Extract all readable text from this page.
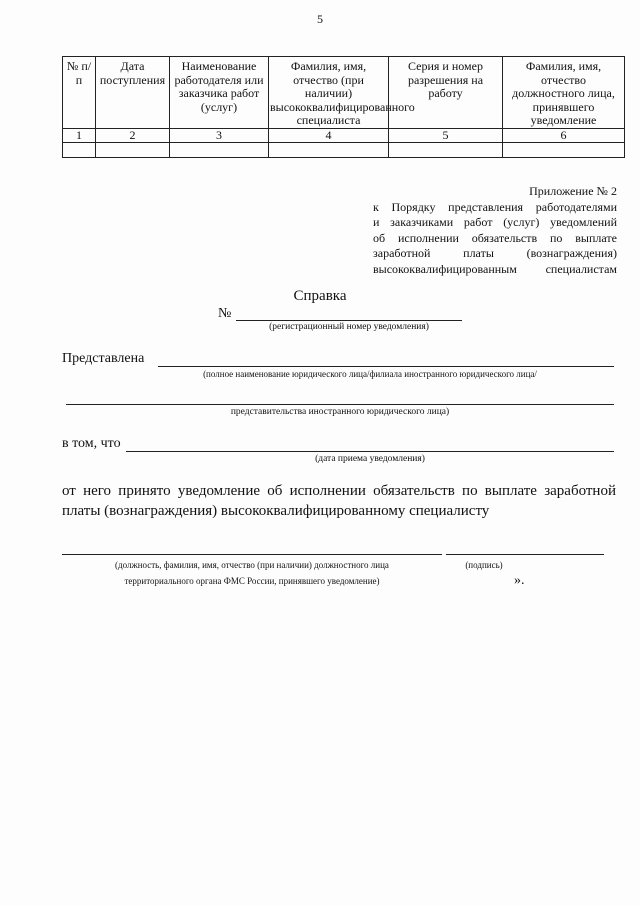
5
№ п/п	Дата поступления	Наименование работодателя или заказчика работ (услуг)	Фамилия, имя, отчество (при наличии) высококвалифицированного специалиста	Серия и номер разрешения на работу	Фамилия, имя, отчество должностного лица, принявшего уведомление
1	2	3	4	5	6

Приложение № 2
к Порядку представления работодателями
и заказчиками работ (услуг) уведомлений
об исполнении обязательств по выплате
заработной платы (вознаграждения)
высококвалифицированным специалистам
Справка
№
(регистрационный номер уведомления)
Представлена
(полное наименование юридического лица/филиала иностранного юридического лица/
представительства иностранного юридического лица)
в том, что
(дата приема уведомления)
от него принято уведомление об исполнении обязательств по выплате заработной
платы (вознаграждения) высококвалифицированному специалисту
(должность, фамилия, имя, отчество (при наличии) должностного лица
территориального органа ФМС России, принявшего уведомление)
(подпись)
».
